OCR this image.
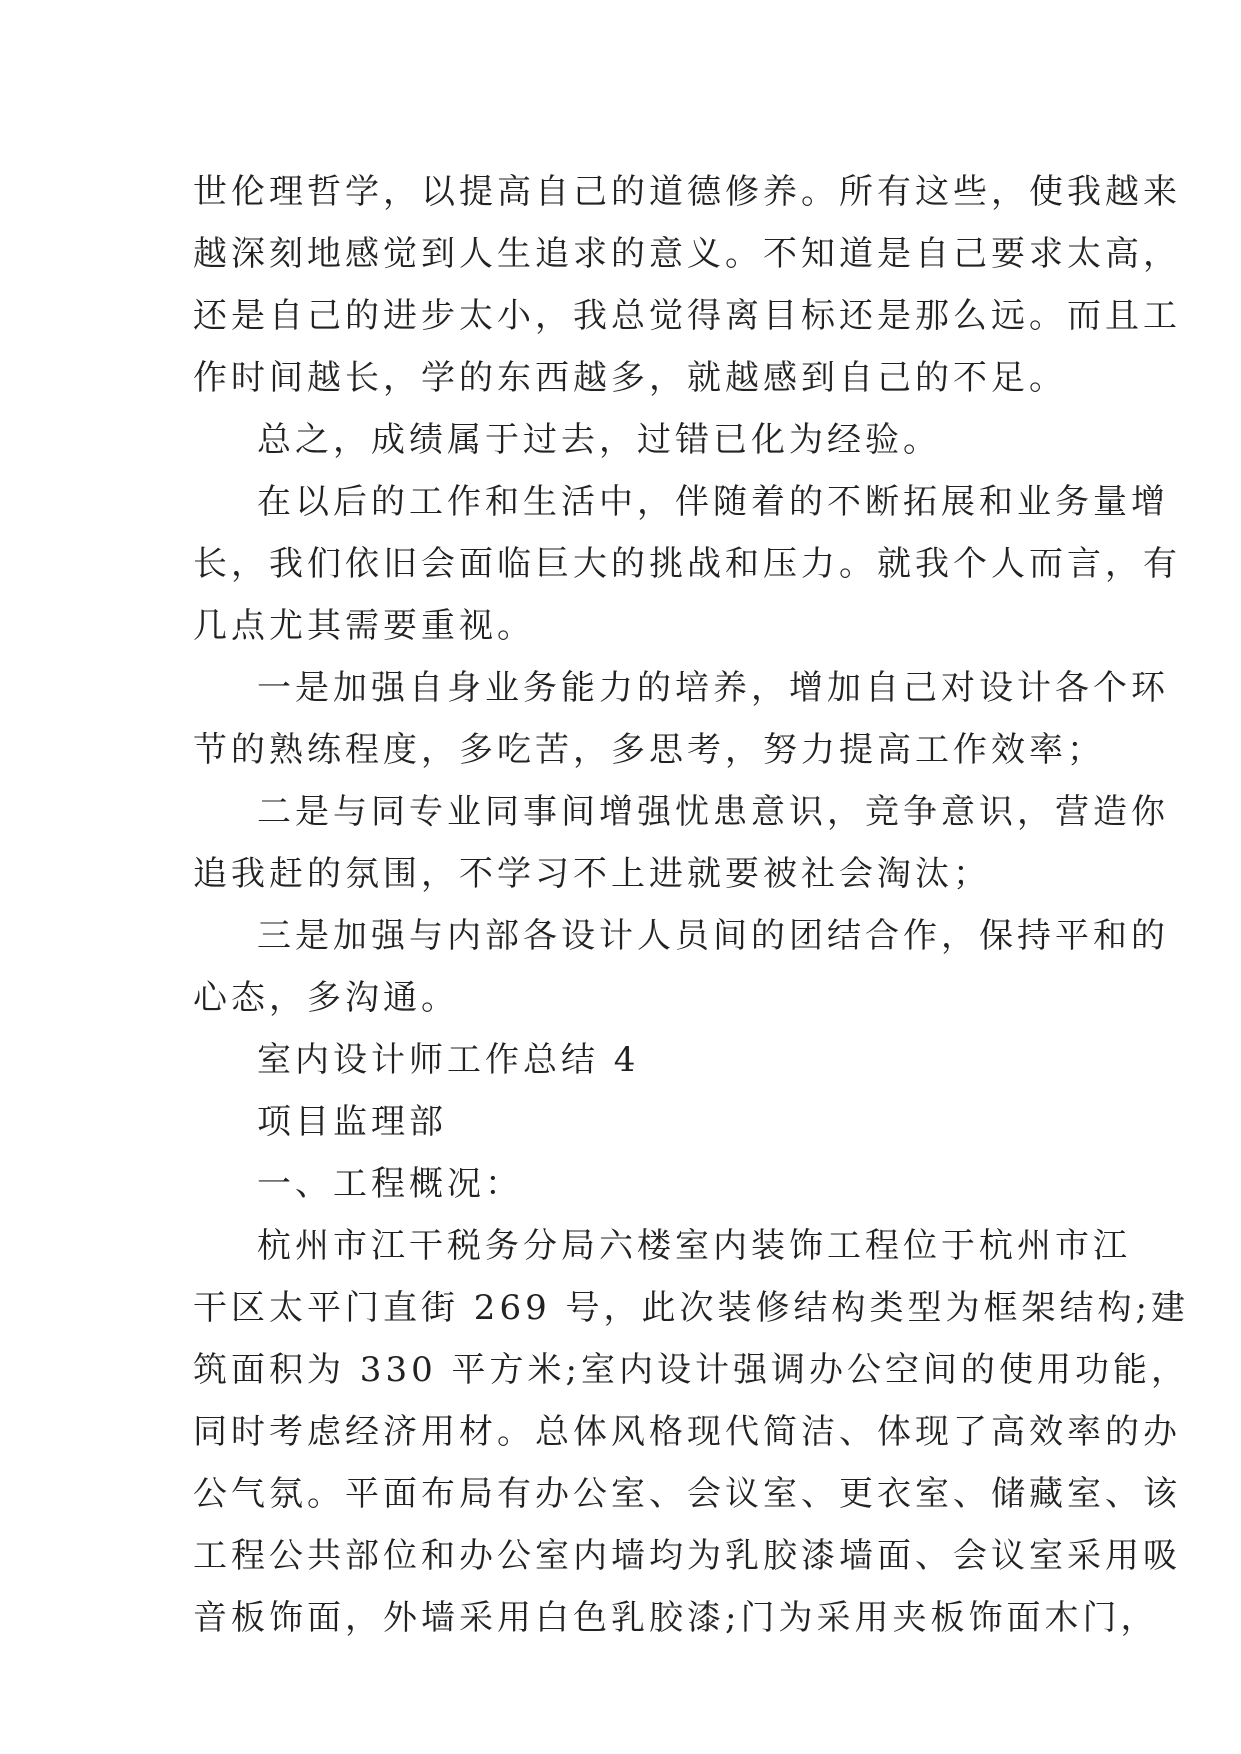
世伦理哲学，以提高自己的道德修养。所有这些，使我越来
越深刻地感觉到人生追求的意义。不知道是自己要求太高，
还是自己的进步太小，我总觉得离目标还是那么远。而且工
作时间越长，学的东西越多，就越感到自己的不足。
总之，成绩属于过去，过错已化为经验。
在以后的工作和生活中，伴随着的不断拓展和业务量增
长，我们依旧会面临巨大的挑战和压力。就我个人而言，有
几点尤其需要重视。
一是加强自身业务能力的培养，增加自己对设计各个环
节的熟练程度，多吃苦，多思考，努力提高工作效率；
二是与同专业同事间增强忧患意识，竞争意识，营造你
追我赶的氛围，不学习不上进就要被社会淘汰；
三是加强与内部各设计人员间的团结合作，保持平和的
心态，多沟通。
室内设计师工作总结 4
项目监理部
一、工程概况：
杭州市江干税务分局六楼室内装饰工程位于杭州市江
干区太平门直街 269 号，此次装修结构类型为框架结构;建
筑面积为 330 平方米;室内设计强调办公空间的使用功能，
同时考虑经济用材。总体风格现代简洁、体现了高效率的办
公气氛。平面布局有办公室、会议室、更衣室、储藏室、该
工程公共部位和办公室内墙均为乳胶漆墙面、会议室采用吸
音板饰面，外墙采用白色乳胶漆;门为采用夹板饰面木门，
